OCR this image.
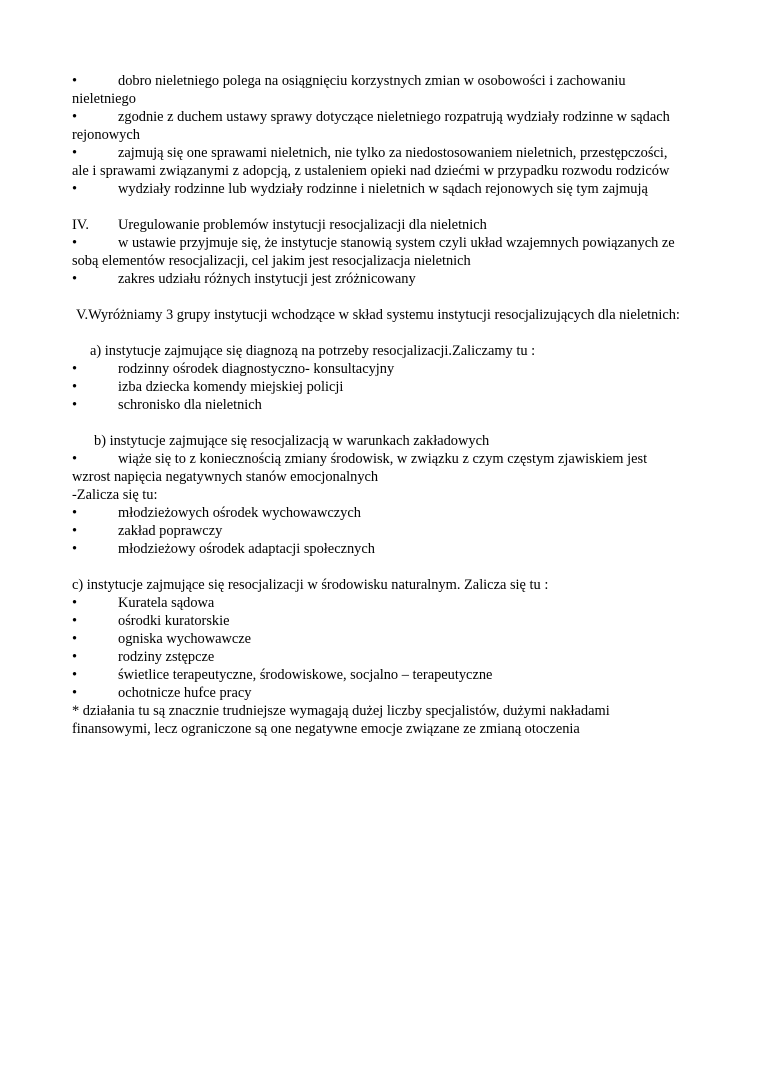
•	dobro nieletniego polega na osiągnięciu korzystnych zmian w osobowości i zachowaniu nieletniego

•	zgodnie z duchem ustawy sprawy dotyczące nieletniego rozpatrują wydziały rodzinne w sądach rejonowych

•	zajmują się one sprawami nieletnich, nie tylko za niedostosowaniem nieletnich, przestępczości, ale i sprawami związanymi z adopcją, z ustaleniem opieki nad dziećmi w przypadku rozwodu rodziców

•	wydziały rodzinne lub wydziały rodzinne i nieletnich w sądach rejonowych się tym zajmują

IV.	Uregulowanie problemów instytucji resocjalizacji dla nieletnich

•	w ustawie przyjmuje się, że instytucje stanowią system czyli układ wzajemnych powiązanych ze sobą elementów resocjalizacji, cel jakim jest resocjalizacja nieletnich

•	zakres udziału różnych instytucji jest zróżnicowany

V.Wyróżniamy 3 grupy instytucji wchodzące w skład systemu instytucji resocjalizujących dla nieletnich:

a) instytucje zajmujące się diagnozą na potrzeby resocjalizacji.Zaliczamy tu :

•	rodzinny ośrodek diagnostyczno- konsultacyjny

•	izba dziecka komendy miejskiej policji

•	schronisko dla nieletnich

b) instytucje zajmujące się resocjalizacją w warunkach zakładowych

•	wiąże się to z koniecznością zmiany środowisk, w związku z czym częstym zjawiskiem jest wzrost napięcia negatywnych stanów emocjonalnych

-Zalicza się tu:

•	młodzieżowych ośrodek wychowawczych

•	zakład poprawczy

•	młodzieżowy ośrodek adaptacji społecznych

c) instytucje zajmujące się resocjalizacji w środowisku naturalnym. Zalicza się tu :

•	Kuratela sądowa

•	ośrodki kuratorskie

•	ogniska wychowawcze

•	rodziny zstępcze

•	świetlice terapeutyczne, środowiskowe, socjalno – terapeutyczne

•	ochotnicze hufce pracy

* działania tu są znacznie trudniejsze wymagają dużej liczby specjalistów, dużymi nakładami finansowymi, lecz ograniczone są one negatywne emocje związane ze zmianą otoczenia
